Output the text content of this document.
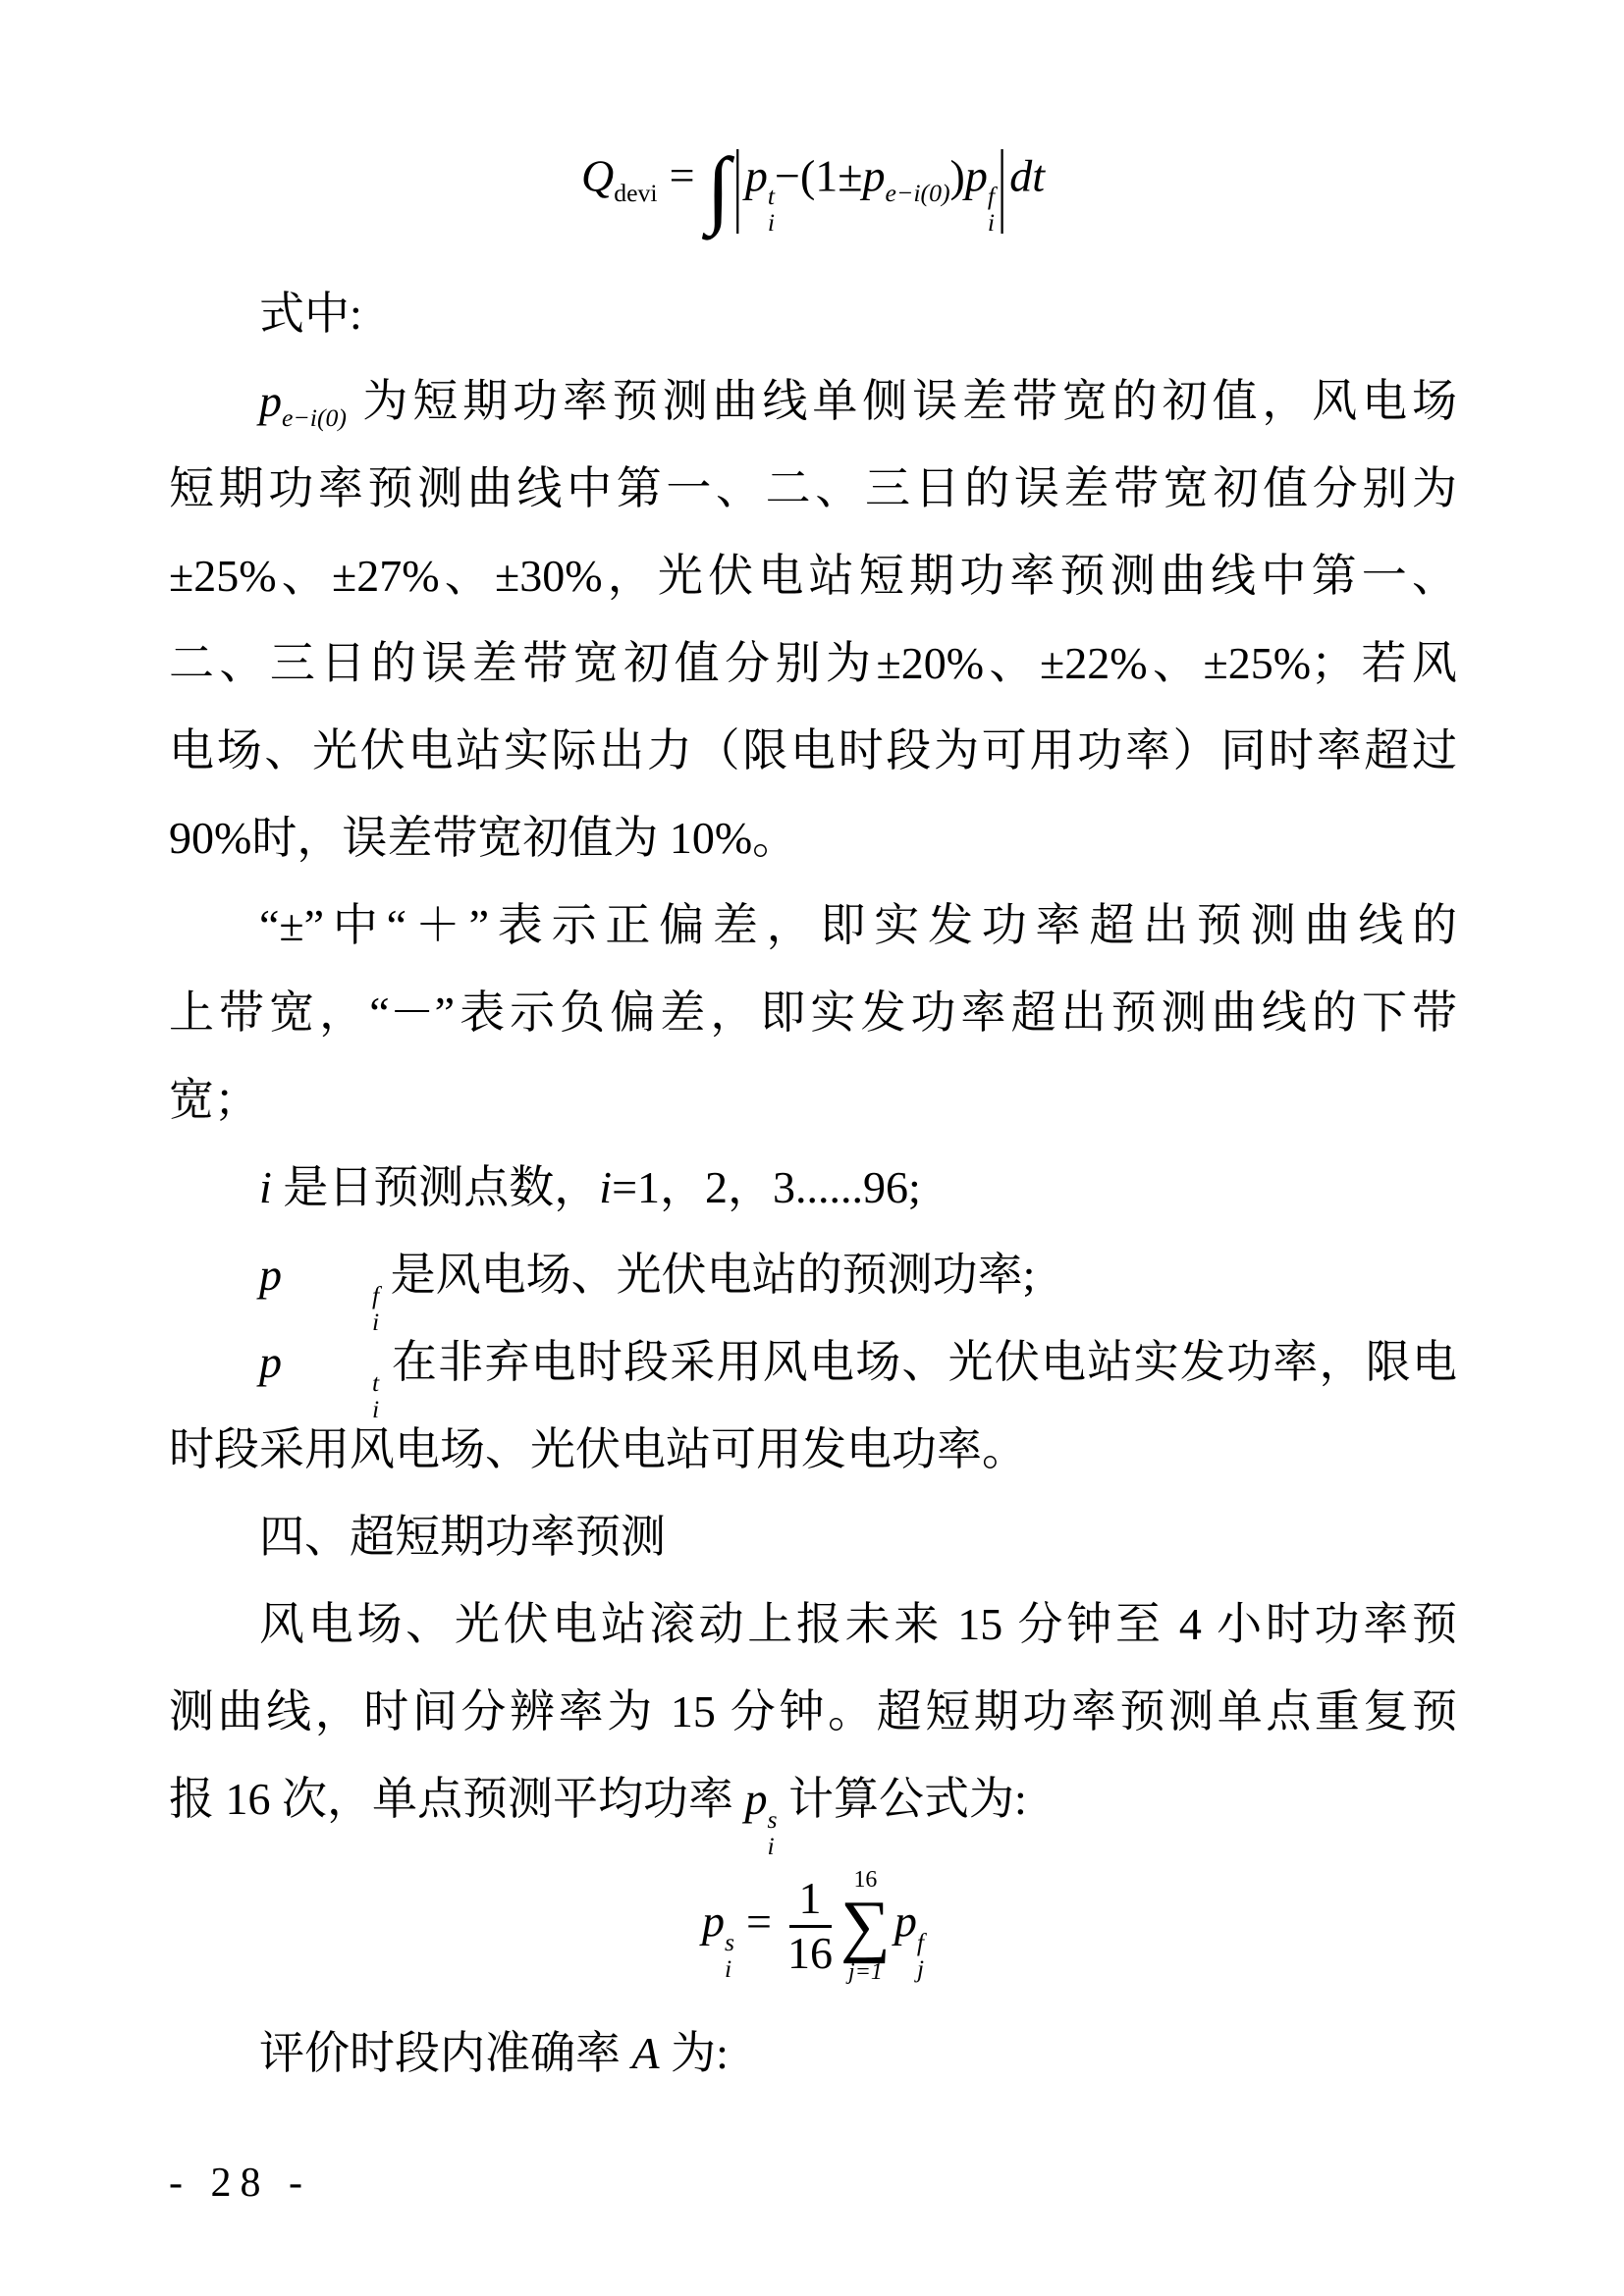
$Q_{devi} = \int|p$ t
i
$-(1\pm p_{e-i(0)})p$ f
i |dt
式中:
$p_{e-i(0)}$ 为短期功率预测曲线单侧误差带宽的初值，风电场
短期功率预测曲线中第一、二、三日的误差带宽初值分别为
±25%、±27%、±30%，光伏电站短期功率预测曲线中第一、
二、三日的误差带宽初值分别为±20%、±22%、±25%；若风
电场、光伏电站实际出力（限电时段为可用功率）同时率超过
90%时，误差带宽初值为 10%。
“±”中“＋”表示正偏差，即实发功率超出预测曲线的
上带宽，“－”表示负偏差，即实发功率超出预测曲线的下带
宽；
i 是日预测点数，i=1，2，3......96;
p	f
i
是风电场、光伏电站的预测功率;
p	t
i
在非弃电时段采用风电场、光伏电站实发功率，限电
时段采用风电场、光伏电站可用发电功率。
四、超短期功率预测
风电场、光伏电站滚动上报未来 15 分钟至 4 小时功率预
测曲线，时间分辨率为 15 分钟。超短期功率预测单点重复预
报 16 次，单点预测平均功率 p s
i
计算公式为:
p s
i
= $\frac{1}{16} 16$
∑
j=1
p f
j
评价时段内准确率 A 为:
- 28 -
